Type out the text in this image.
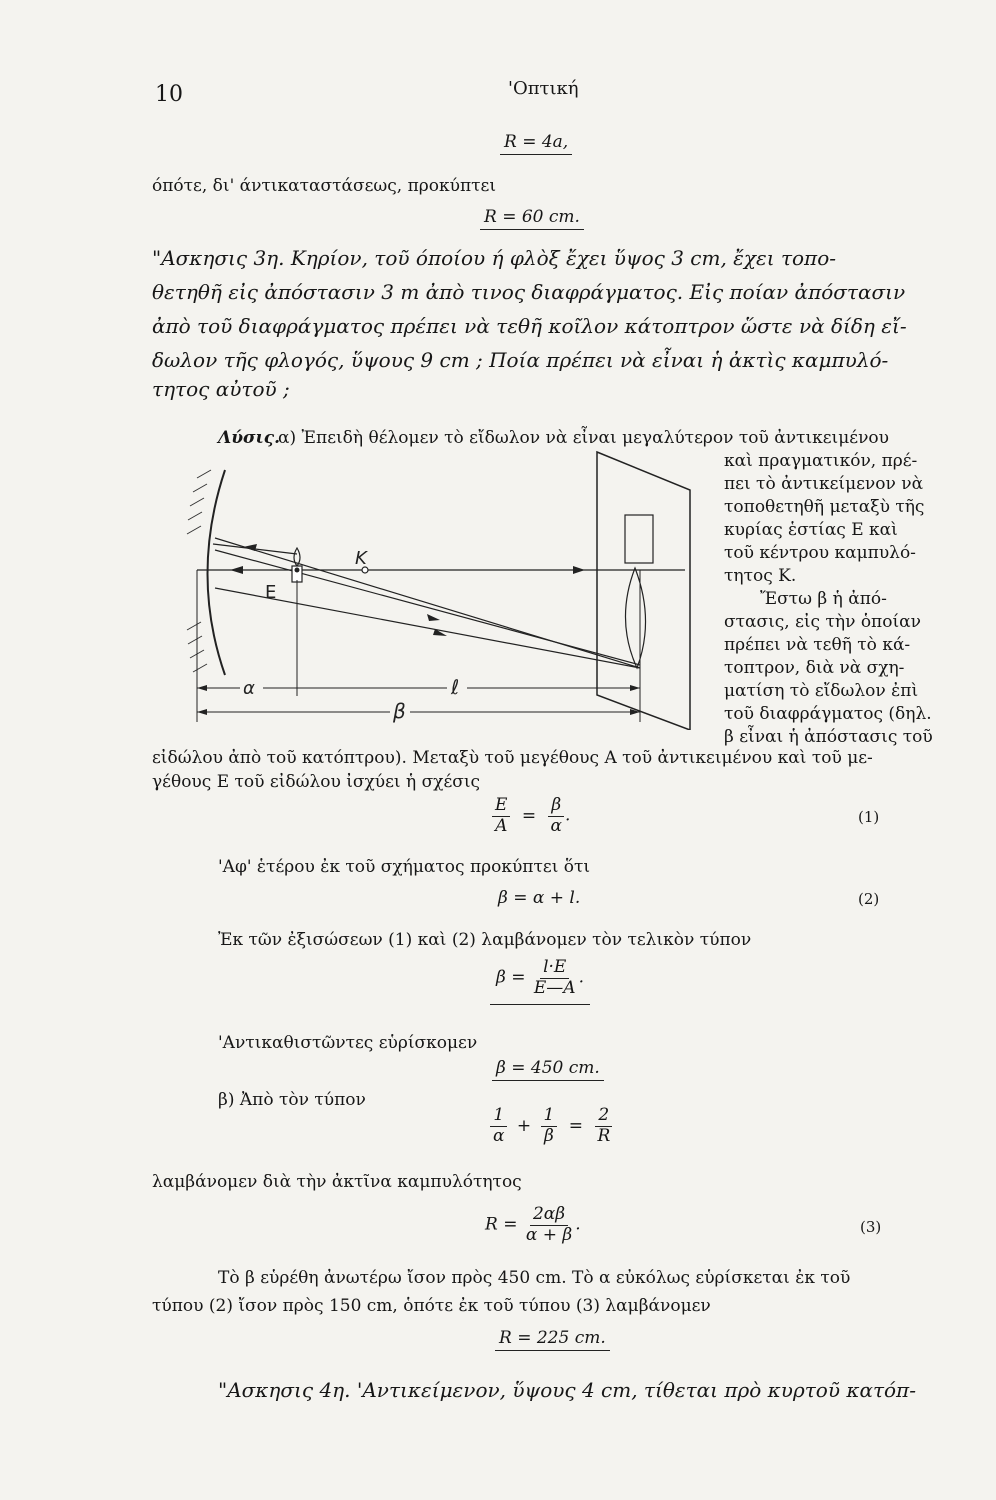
10	'Οπτική
R = 4a,
όπότε, δι' άντικαταστάσεως, προκύπτει
R = 60 cm.
"Ασκησις 3η. Κηρίον, τοῦ όποίου ή φλὸξ ἔχει ὕψος 3 cm, ἔχει τοπο-
θετηθῆ εἰς ἀπόστασιν 3 m ἀπὸ τινος διαφράγματος. Εἰς ποίαν ἀπόστασιν
ἀπὸ τοῦ διαφράγματος πρέπει νὰ τεθῆ κοῖλον κάτοπτρον ὥστε νὰ δίδη εἴ-
δωλον τῆς φλογός, ὕψους 9 cm ; Ποία πρέπει νὰ εἶναι ἡ ἀκτὶς καμπυλό-
τητος αὐτοῦ ;
Λύσις.
α) Ἐπειδὴ θέλομεν τὸ εἴδωλον νὰ εἶναι μεγαλύτερον τοῦ ἀντικειμένου
καὶ πραγματικόν, πρέ-
πει τὸ ἀντικείμενον νὰ
τοποθετηθῆ μεταξὺ τῆς
κυρίας ἑστίας E καὶ
τοῦ κέντρου καμπυλό-
τητος K.
Ἔστω β ἡ ἀπό-
στασις, εἰς τὴν ὁποίαν
πρέπει νὰ τεθῆ τὸ κά-
τοπτρον, διὰ νὰ σχη-
ματίση τὸ εἴδωλον ἐπὶ
τοῦ διαφράγματος (δηλ.
β εἶναι ἡ ἀπόστασις τοῦ
K
E
α	ℓ
β
εἰδώλου ἀπὸ τοῦ κατόπτρου). Μεταξὺ τοῦ μεγέθους A τοῦ ἀντικειμένου καὶ τοῦ με-
γέθους E τοῦ εἰδώλου ἰσχύει ἡ σχέσις
$\frac{E}{A} = \frac{\beta}{\alpha}$ .	(1)
'Αφ' ἑτέρου ἐκ τοῦ σχήματος προκύπτει ὅτι
β = α + l.	(2)
Ἐκ τῶν ἐξισώσεων (1) καὶ (2) λαμβάνομεν τὸν τελικὸν τύπον
$\beta = \frac{l\cdot E}{E—A}$ .
'Αντικαθιστῶντες εὑρίσκομεν
β = 450 cm.
β) Ἀπὸ τὸν τύπον
$\frac{1}{\alpha} + \frac{1}{\beta} = \frac{2}{R}$
λαμβάνομεν διὰ τὴν ἀκτῖνα καμπυλότητος
$R = \frac{2\alpha\beta}{\alpha + \beta}$ .	(3)
Τὸ β εὑρέθη ἀνωτέρω ἴσον πρὸς 450 cm. Τὸ α εὐκόλως εὑρίσκεται ἐκ τοῦ
τύπου (2) ἴσον πρὸς 150 cm, ὁπότε ἐκ τοῦ τύπου (3) λαμβάνομεν
R = 225 cm.
"Ασκησις 4η. 'Αντικείμενον, ὕψους 4 cm, τίθεται πρὸ κυρτοῦ κατόπ-
